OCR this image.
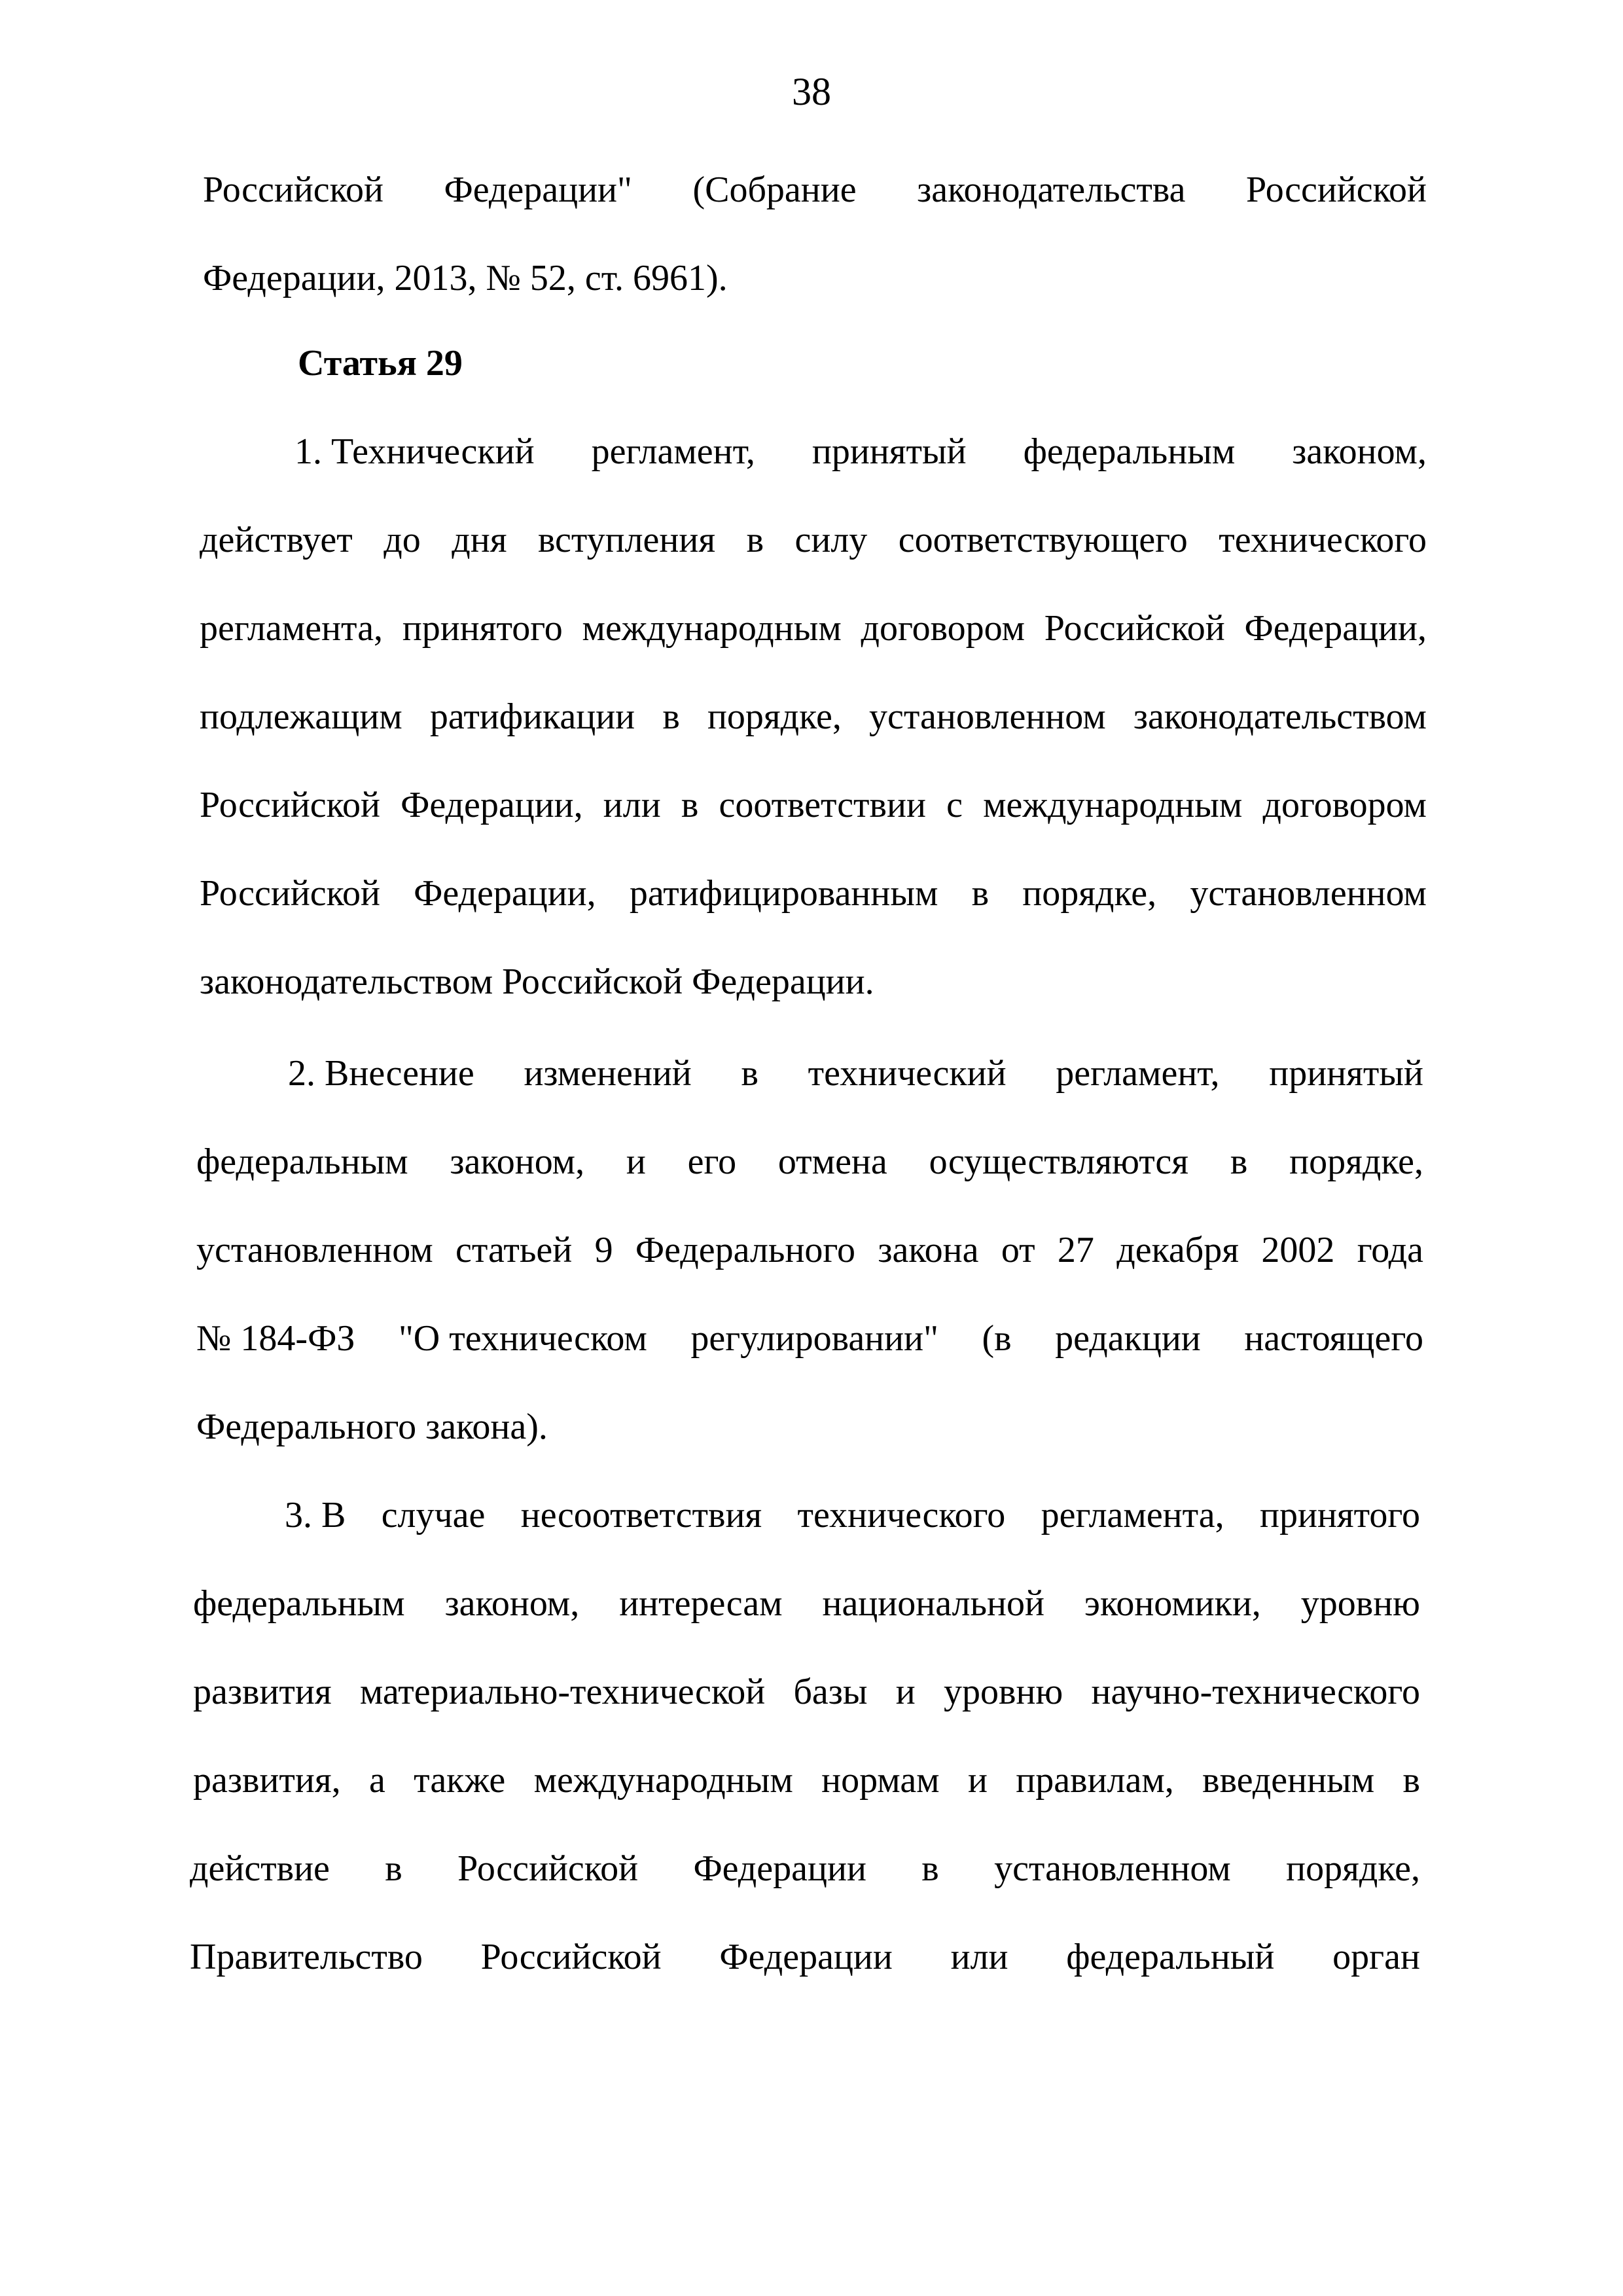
38
Российской Федерации" (Собрание законодательства Российской
Федерации, 2013, № 52, ст. 6961).
Статья 29
1. Технический регламент, принятый федеральным законом,
действует до дня вступления в силу соответствующего технического
регламента, принятого международным договором Российской Федерации,
подлежащим ратификации в порядке, установленном законодательством
Российской Федерации, или в соответствии с международным договором
Российской Федерации, ратифицированным в порядке, установленном
законодательством Российской Федерации.
2. Внесение изменений в технический регламент, принятый
федеральным законом, и его отмена осуществляются в порядке,
установленном статьей 9 Федерального закона от 27 декабря 2002 года
№ 184-ФЗ "О техническом регулировании" (в редакции настоящего
Федерального закона).
3. В случае несоответствия технического регламента, принятого
федеральным законом, интересам национальной экономики, уровню
развития материально-технической базы и уровню научно-технического
развития, а также международным нормам и правилам, введенным в
действие в Российской Федерации в установленном порядке,
Правительство Российской Федерации или федеральный орган
